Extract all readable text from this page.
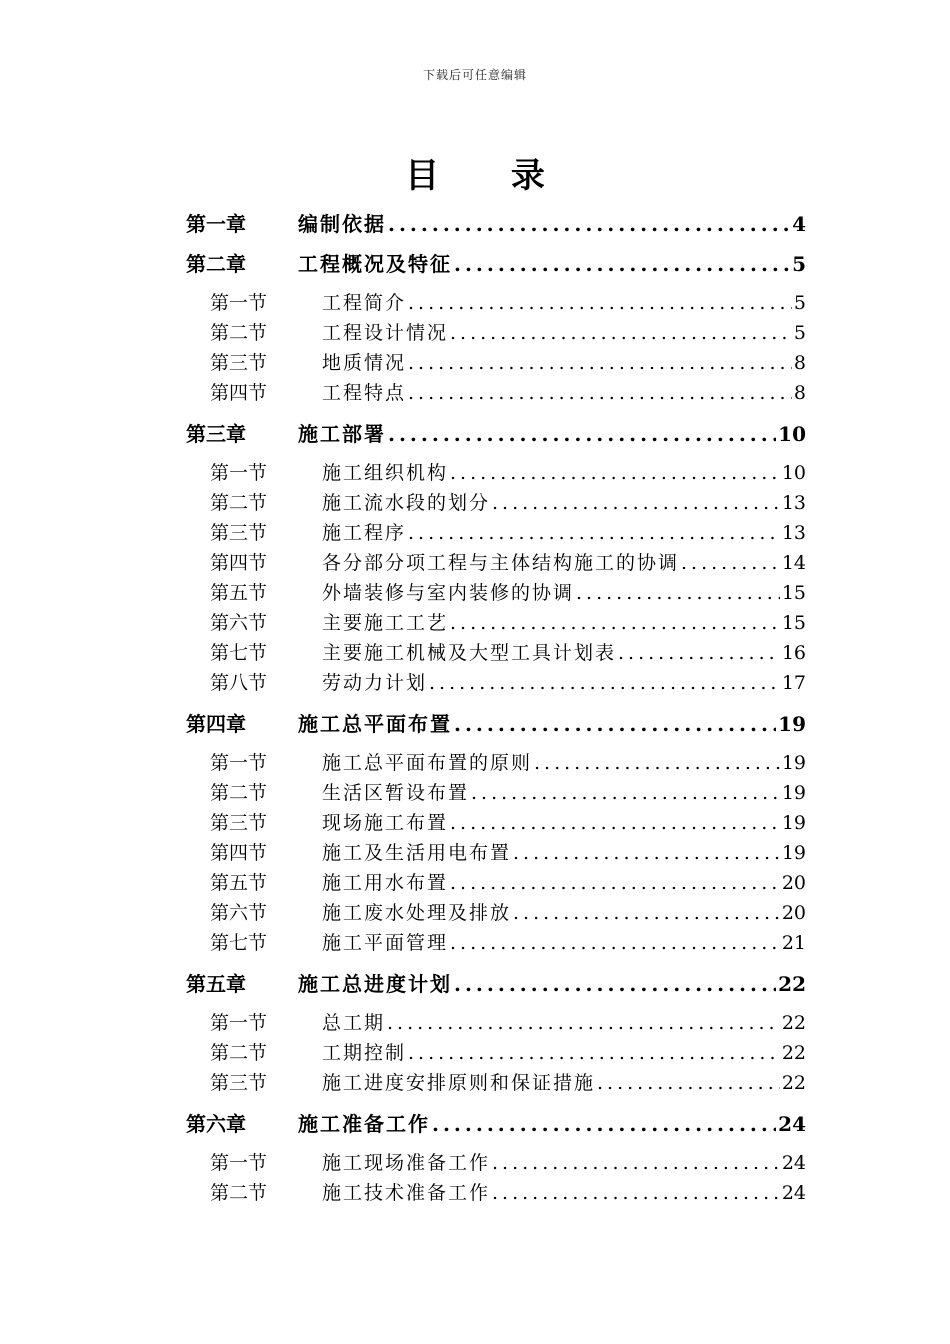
下载后可任意编辑
目 录
第一章	编制依据 .....	4
第二章	工程概况及特征 .....	5
第一节	工程简介 .....	5
第二节	工程设计情况 .....	5
第三节	地质情况 .....	8
第四节	工程特点 .....	8
第三章	施工部署 .....	10
第一节	施工组织机构 .....	10
第二节	施工流水段的划分 .....	13
第三节	施工程序 .....	13
第四节	各分部分项工程与主体结构施工的协调 .....	14
第五节	外墙装修与室内装修的协调 .....	15
第六节	主要施工工艺 .....	15
第七节	主要施工机械及大型工具计划表 .....	16
第八节	劳动力计划 .....	17
第四章	施工总平面布置 .....	19
第一节	施工总平面布置的原则 .....	19
第二节	生活区暂设布置 .....	19
第三节	现场施工布置 .....	19
第四节	施工及生活用电布置 .....	19
第五节	施工用水布置 .....	20
第六节	施工废水处理及排放 .....	20
第七节	施工平面管理 .....	21
第五章	施工总进度计划 .....	22
第一节	总工期 .....	22
第二节	工期控制 .....	22
第三节	施工进度安排原则和保证措施 .....	22
第六章	施工准备工作 .....	24
第一节	施工现场准备工作 .....	24
第二节	施工技术准备工作 .....	24
